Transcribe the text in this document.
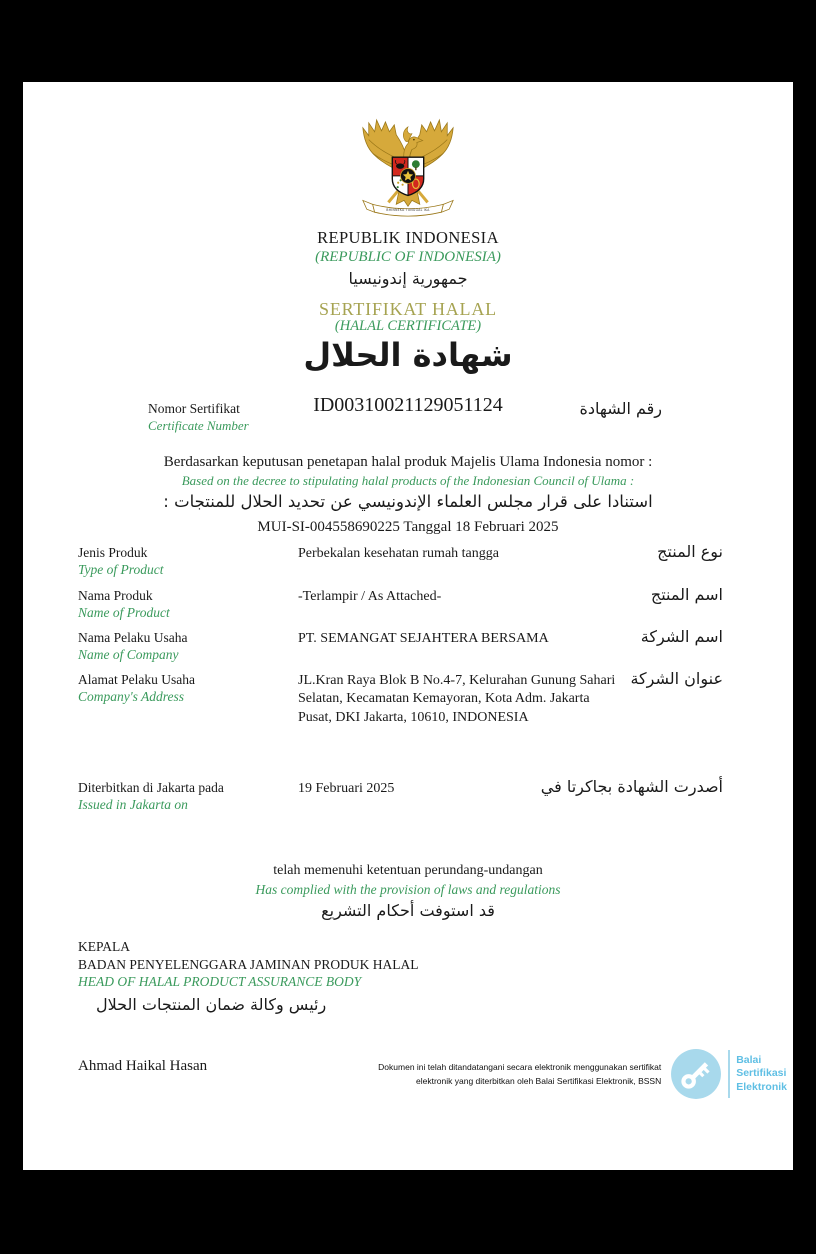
BHINNEKA TUNGGAL IKA
REPUBLIK INDONESIA
(REPUBLIC OF INDONESIA)
جمهورية إندونيسيا
SERTIFIKAT HALAL
(HALAL CERTIFICATE)
شهادة الحلال
Nomor Sertifikat
Certificate Number
ID00310021129051124	رقم الشهادة
Berdasarkan keputusan penetapan halal produk Majelis Ulama Indonesia nomor :
Based on the decree to stipulating halal products of the Indonesian Council of Ulama :
استنادا على قرار مجلس العلماء الإندونيسي عن تحديد الحلال للمنتجات :
MUI-SI-004558690225 Tanggal 18 Februari 2025
Jenis Produk
Type of Product
Perbekalan kesehatan rumah tangga	نوع المنتج
Nama Produk
Name of Product
-Terlampir / As Attached-	اسم المنتج
Nama Pelaku Usaha
Name of Company
PT. SEMANGAT SEJAHTERA BERSAMA	اسم الشركة
Alamat Pelaku Usaha
Company's Address
JL.Kran Raya Blok B No.4-7, Kelurahan Gunung Sahari Selatan, Kecamatan Kemayoran, Kota Adm. Jakarta Pusat, DKI Jakarta, 10610, INDONESIA
عنوان الشركة
Diterbitkan di Jakarta pada
Issued in Jakarta on
19 Februari 2025	أصدرت الشهادة بجاكرتا في
telah memenuhi ketentuan perundang-undangan
Has complied with the provision of laws and regulations
قد استوفت أحكام التشريع
KEPALA
BADAN PENYELENGGARA JAMINAN PRODUK HALAL
HEAD OF HALAL PRODUCT ASSURANCE BODY
رئيس وكالة ضمان المنتجات الحلال
Ahmad Haikal Hasan	Dokumen ini telah ditandatangani secara elektronik menggunakan sertifikat
elektronik yang diterbitkan oleh Balai Sertifikasi Elektronik, BSSN
Balai
Sertifikasi
Elektronik
